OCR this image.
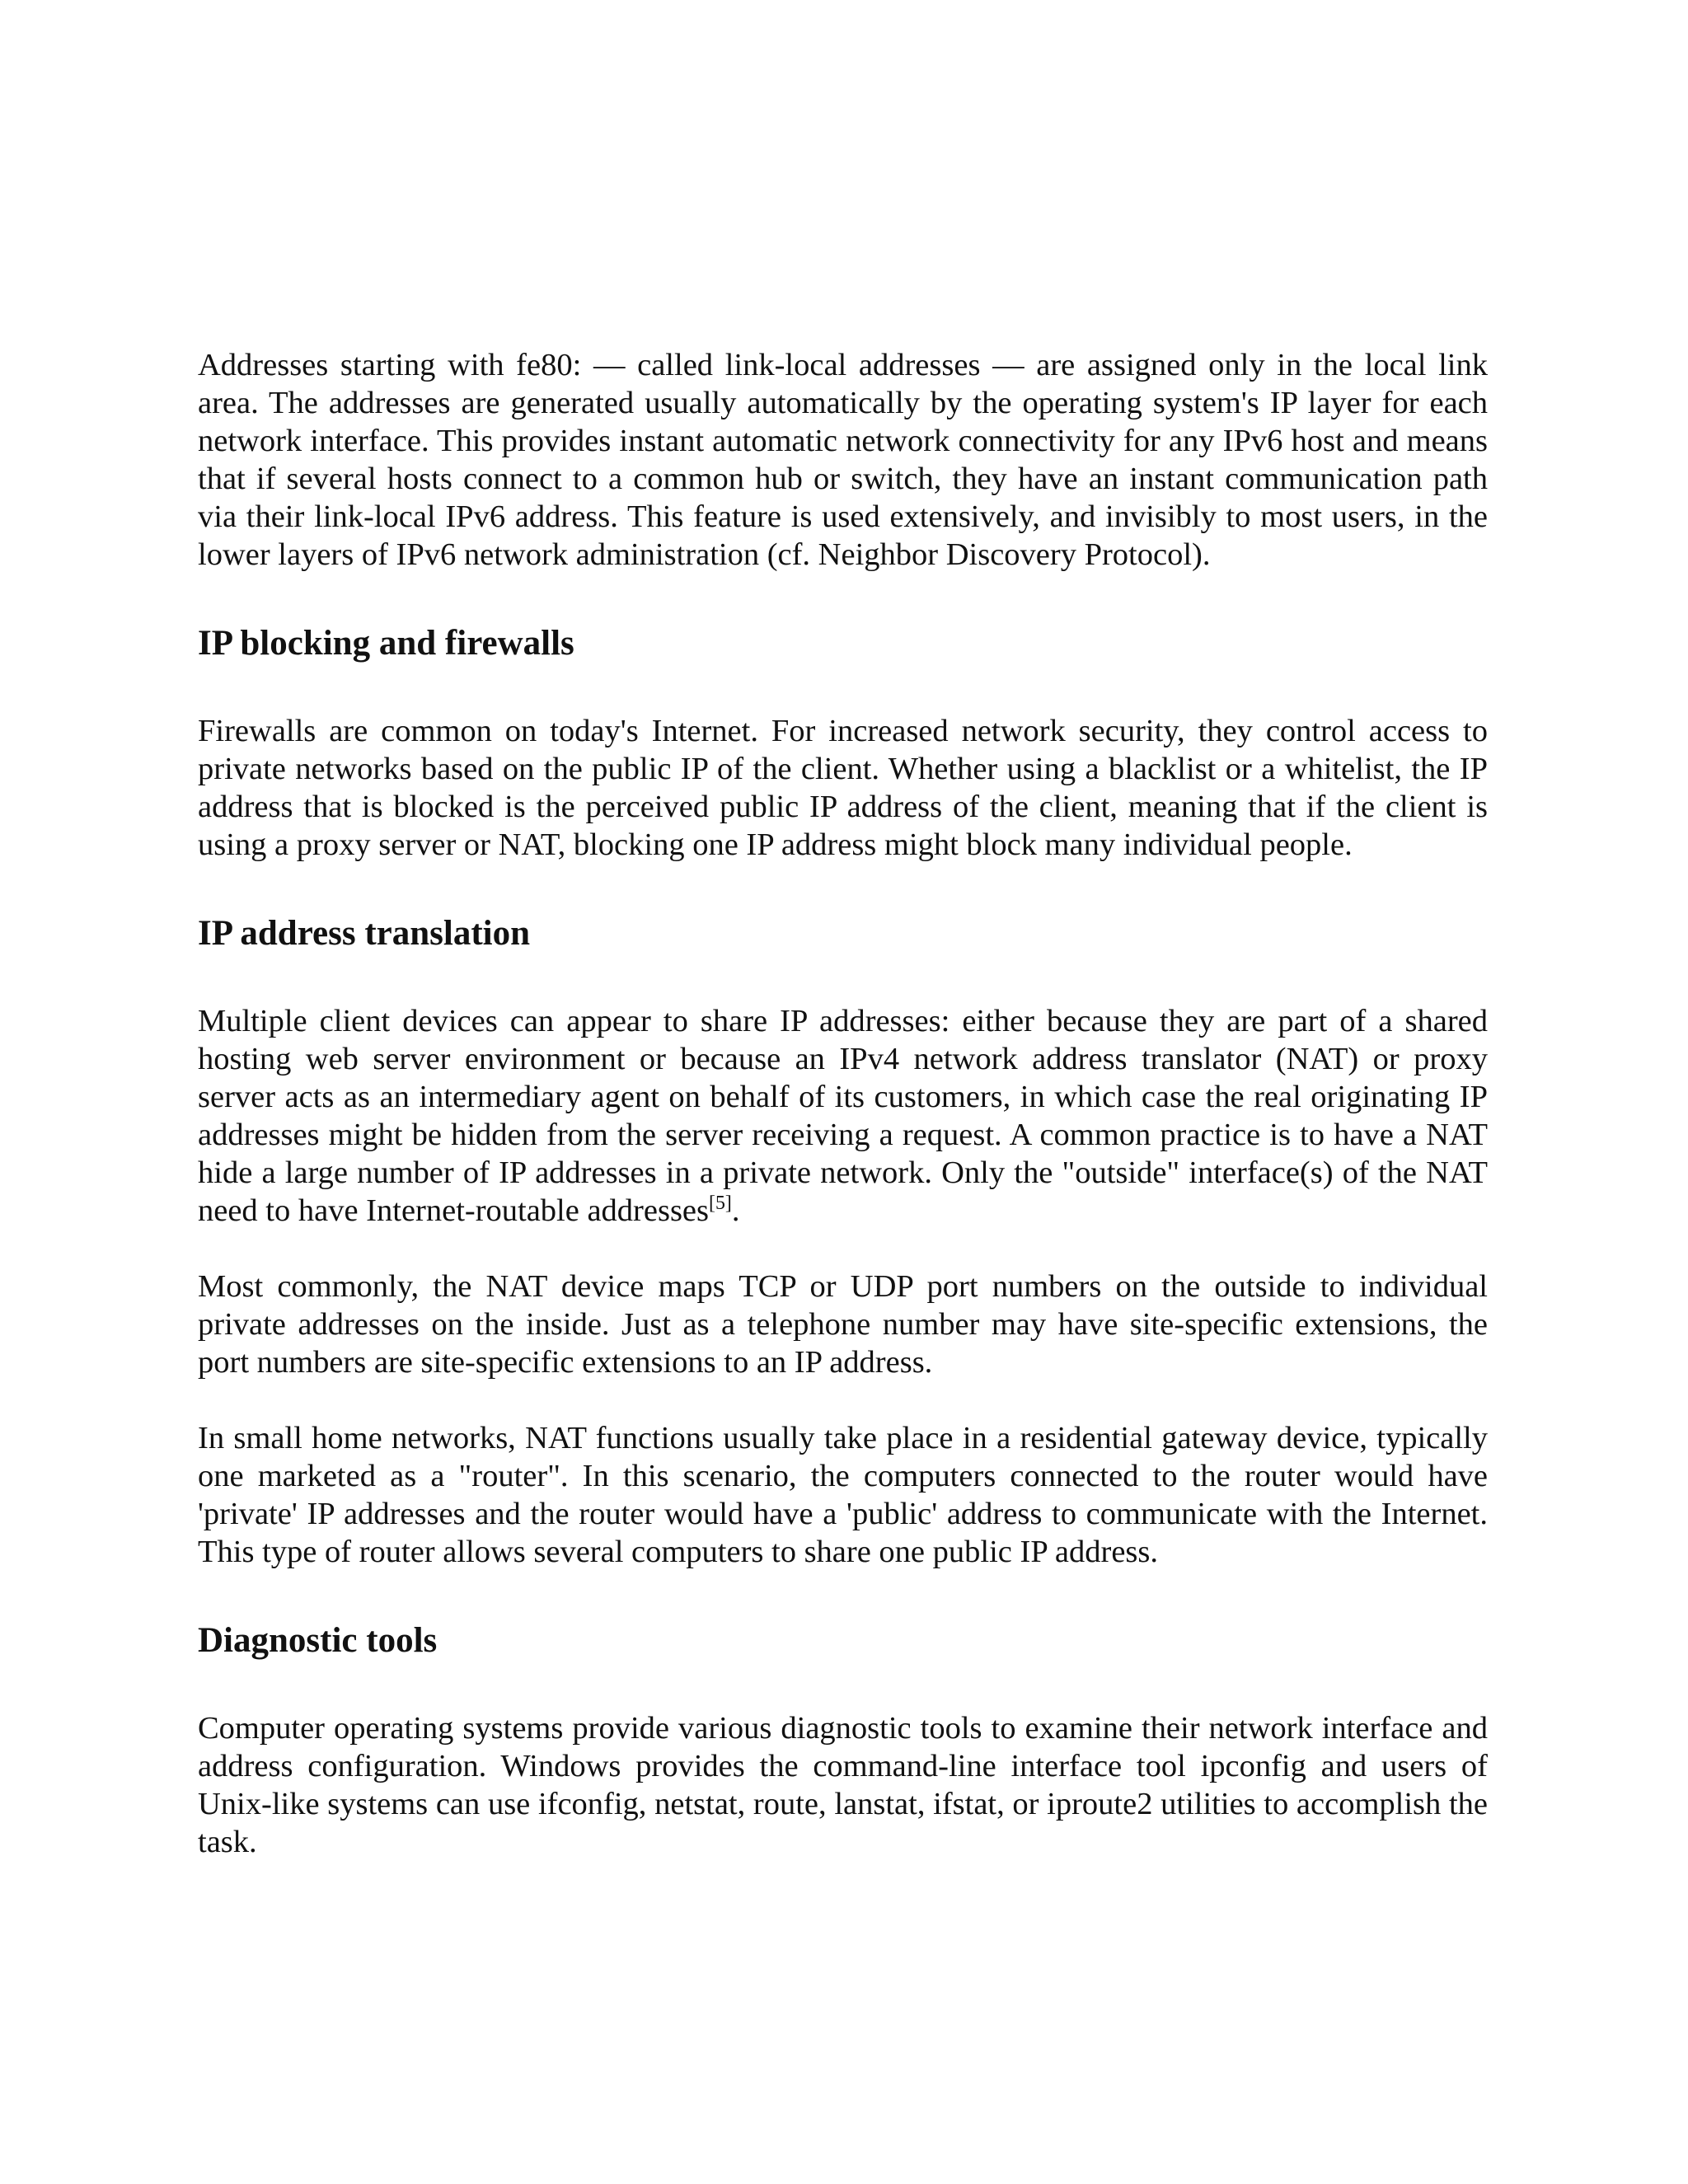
Addresses starting with fe80: — called link-local addresses — are assigned only in the local link area. The addresses are generated usually automatically by the operating system's IP layer for each network interface. This provides instant automatic network connectivity for any IPv6 host and means that if several hosts connect to a common hub or switch, they have an instant communication path via their link-local IPv6 address. This feature is used extensively, and invisibly to most users, in the lower layers of IPv6 network administration (cf. Neighbor Discovery Protocol).

IP blocking and firewalls

Firewalls are common on today's Internet. For increased network security, they control access to private networks based on the public IP of the client. Whether using a blacklist or a whitelist, the IP address that is blocked is the perceived public IP address of the client, meaning that if the client is using a proxy server or NAT, blocking one IP address might block many individual people.

IP address translation

Multiple client devices can appear to share IP addresses: either because they are part of a shared hosting web server environment or because an IPv4 network address translator (NAT) or proxy server acts as an intermediary agent on behalf of its customers, in which case the real originating IP addresses might be hidden from the server receiving a request. A common practice is to have a NAT hide a large number of IP addresses in a private network. Only the "outside" interface(s) of the NAT need to have Internet-routable addresses[5].

Most commonly, the NAT device maps TCP or UDP port numbers on the outside to individual private addresses on the inside. Just as a telephone number may have site-specific extensions, the port numbers are site-specific extensions to an IP address.

In small home networks, NAT functions usually take place in a residential gateway device, typically one marketed as a "router". In this scenario, the computers connected to the router would have 'private' IP addresses and the router would have a 'public' address to communicate with the Internet. This type of router allows several computers to share one public IP address.

Diagnostic tools

Computer operating systems provide various diagnostic tools to examine their network interface and address configuration. Windows provides the command-line interface tool ipconfig and users of Unix-like systems can use ifconfig, netstat, route, lanstat, ifstat, or iproute2 utilities to accomplish the task.
